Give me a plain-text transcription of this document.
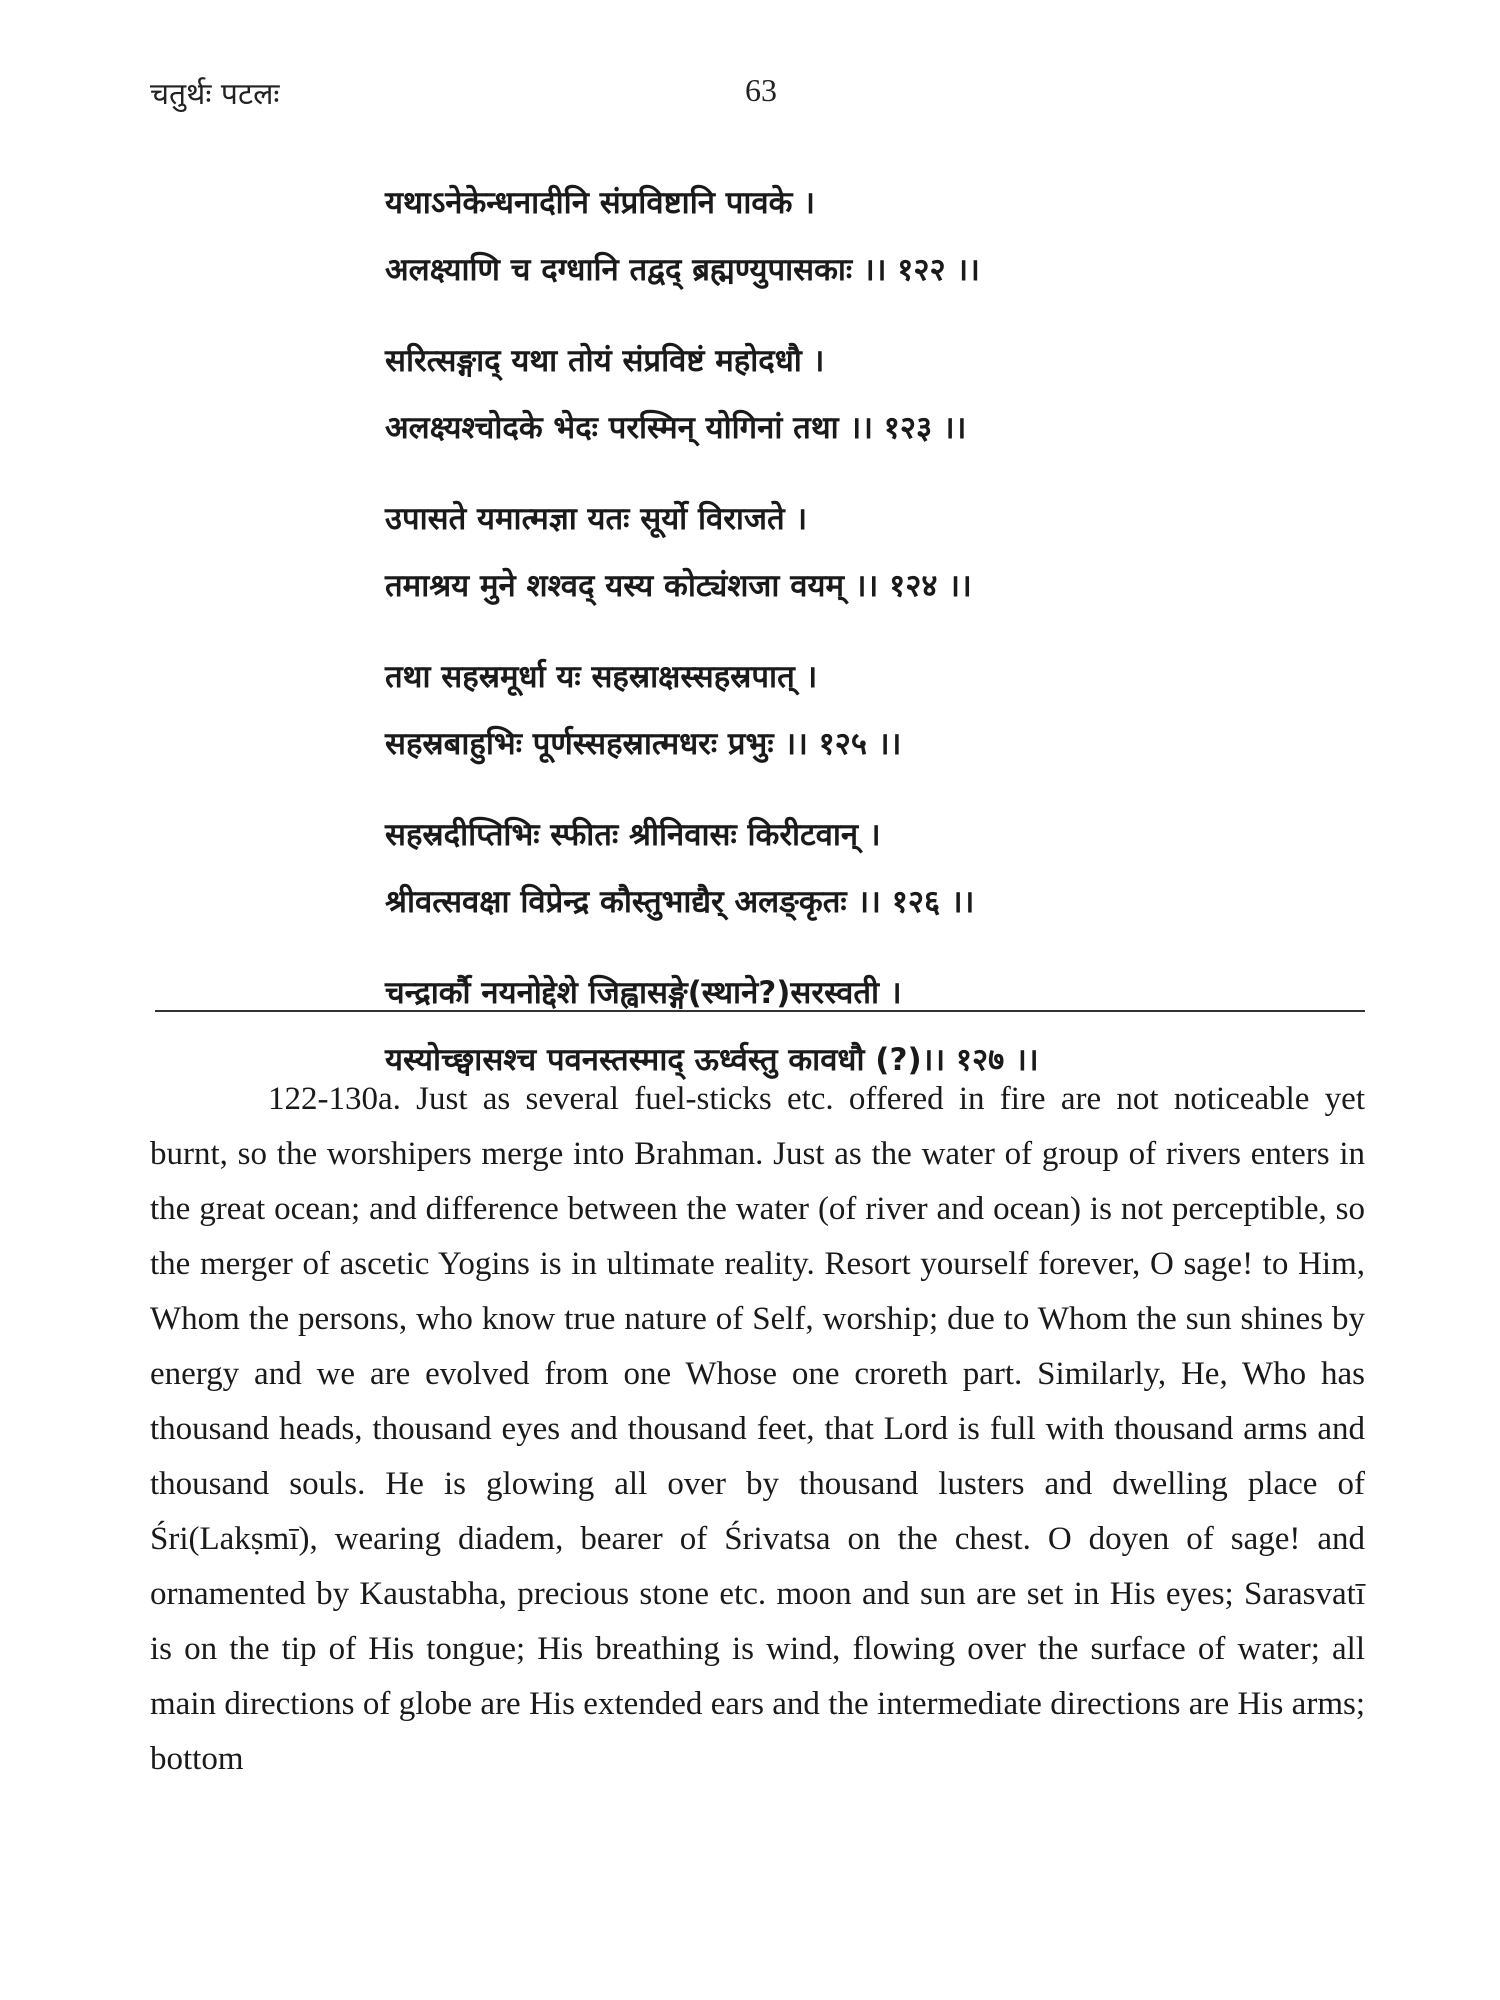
चतुर्थः पटलः	63
यथाऽनेकेन्धनादीनि संप्रविष्टानि पावके ।
अलक्ष्याणि च दग्धानि तद्वद् ब्रह्मण्युपासकाः ।। १२२ ।।
सरित्सङ्गाद् यथा तोयं संप्रविष्टं महोदधौ ।
अलक्ष्यश्चोदके भेदः परस्मिन् योगिनां तथा ।। १२३ ।।
उपासते यमात्मज्ञा यतः सूर्यो विराजते ।
तमाश्रय मुने शश्वद् यस्य कोट्यंशजा वयम् ।। १२४ ।।
तथा सहस्रमूर्धा यः सहस्राक्षस्सहस्रपात् ।
सहस्रबाहुभिः पूर्णस्सहस्रात्मधरः प्रभुः ।। १२५ ।।
सहस्रदीप्तिभिः स्फीतः श्रीनिवासः किरीटवान् ।
श्रीवत्सवक्षा विप्रेन्द्र कौस्तुभाद्यैर् अलङ्कृतः ।। १२६ ।।
चन्द्रार्कौ नयनोद्देशे जिह्वासङ्गे(स्थाने?)सरस्वती ।
यस्योच्छ्वासश्च पवनस्तस्माद् ऊर्ध्वस्तु कावधौ (?)।। १२७ ।।

122-130a. Just as several fuel-sticks etc. offered in fire are not noticeable yet burnt, so the worshipers merge into Brahman. Just as the water of group of rivers enters in the great ocean; and difference between the water (of river and ocean) is not perceptible, so the merger of ascetic Yogins is in ultimate reality. Resort yourself forever, O sage! to Him, Whom the persons, who know true nature of Self, worship; due to Whom the sun shines by energy and we are evolved from one Whose one croreth part. Similarly, He, Who has thousand heads, thousand eyes and thousand feet, that Lord is full with thousand arms and thousand souls. He is glowing all over by thousand lusters and dwelling place of Śri(Lakṣmī), wearing diadem, bearer of Śrivatsa on the chest. O doyen of sage! and ornamented by Kaustabha, precious stone etc. moon and sun are set in His eyes; Sarasvatī is on the tip of His tongue; His breathing is wind, flowing over the surface of water; all main directions of globe are His extended ears and the intermediate directions are His arms; bottom
